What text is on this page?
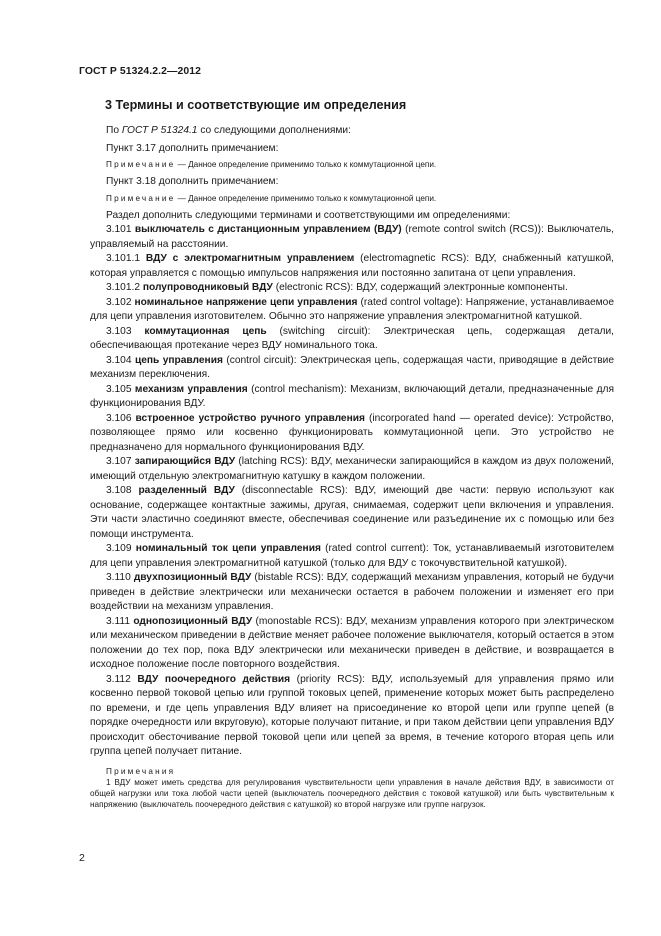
ГОСТ Р 51324.2.2—2012
3 Термины и соответствующие им определения

По ГОСТ Р 51324.1 со следующими дополнениями:

Пункт 3.17 дополнить примечанием:

Примечание — Данное определение применимо только к коммутационной цепи.

Пункт 3.18 дополнить примечанием:

Примечание — Данное определение применимо только к коммутационной цепи.

Раздел дополнить следующими терминами и соответствующими им определениями:

3.101 выключатель с дистанционным управлением (ВДУ) (remote control switch (RCS)): Выключатель, управляемый на расстоянии.

3.101.1 ВДУ с электромагнитным управлением (electromagnetic RCS): ВДУ, снабженный катушкой, которая управляется с помощью импульсов напряжения или постоянно запитана от цепи управления.

3.101.2 полупроводниковый ВДУ (electronic RCS): ВДУ, содержащий электронные компоненты.

3.102 номинальное напряжение цепи управления (rated control voltage): Напряжение, устанавливаемое для цепи управления изготовителем. Обычно это напряжение управления электромагнитной катушкой.

3.103 коммутационная цепь (switching circuit): Электрическая цепь, содержащая детали, обеспечивающая протекание через ВДУ номинального тока.

3.104 цепь управления (control circuit): Электрическая цепь, содержащая части, приводящие в действие механизм переключения.

3.105 механизм управления (control mechanism): Механизм, включающий детали, предназначенные для функционирования ВДУ.

3.106 встроенное устройство ручного управления (incorporated hand — operated device): Устройство, позволяющее прямо или косвенно функционировать коммутационной цепи. Это устройство не предназначено для нормального функционирования ВДУ.

3.107 запирающийся ВДУ (latching RCS): ВДУ, механически запирающийся в каждом из двух положений, имеющий отдельную электромагнитную катушку в каждом положении.

3.108 разделенный ВДУ (disconnectable RCS): ВДУ, имеющий две части: первую используют как основание, содержащее контактные зажимы, другая, снимаемая, содержит цепи включения и управления. Эти части эластично соединяют вместе, обеспечивая соединение или разъединение их с помощью или без помощи инструмента.

3.109 номинальный ток цепи управления (rated control current): Ток, устанавливаемый изготовителем для цепи управления электромагнитной катушкой (только для ВДУ с токочувствительной катушкой).

3.110 двухпозиционный ВДУ (bistable RCS): ВДУ, содержащий механизм управления, который не будучи приведен в действие электрически или механически остается в рабочем положении и изменяет его при воздействии на механизм управления.

3.111 однопозиционный ВДУ (monostable RCS): ВДУ, механизм управления которого при электрическом или механическом приведении в действие меняет рабочее положение выключателя, который остается в этом положении до тех пор, пока ВДУ электрически или механически приведен в действие, и возвращается в исходное положение после повторного воздействия.

3.112 ВДУ поочередного действия (priority RCS): ВДУ, используемый для управления прямо или косвенно первой токовой цепью или группой токовых цепей, применение которых может быть распределено по времени, и где цепь управления ВДУ влияет на присоединение ко второй цепи или группе цепей (в порядке очередности или вкруговую), которые получают питание, и при таком действии цепи управления ВДУ происходит обесточивание первой токовой цепи или цепей за время, в течение которого вторая цепь или группа цепей получает питание.

Примечания

1 ВДУ может иметь средства для регулирования чувствительности цепи управления в начале действия ВДУ, в зависимости от общей нагрузки или тока любой части цепей (выключатель поочередного действия с токовой катушкой) или быть чувствительным к напряжению (выключатель поочередного действия с катушкой) ко второй нагрузке или группе нагрузок.

2
